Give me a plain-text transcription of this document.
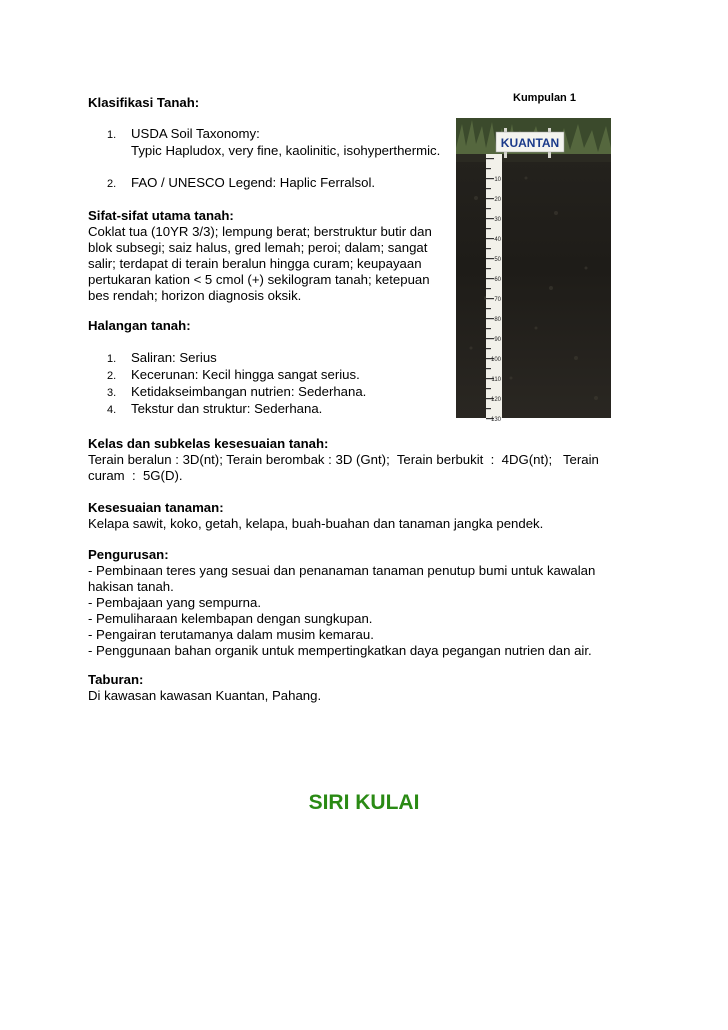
Kumpulan 1
Klasifikasi Tanah:
1. USDA Soil Taxonomy:
Typic Hapludox, very fine, kaolinitic, isohyperthermic.
2. FAO / UNESCO Legend: Haplic Ferralsol.
KUANTAN
10
20
30
40
50
60
70
80
90
100
110
120
130
Sifat-sifat utama tanah:
Coklat tua (10YR 3/3); lempung berat; berstruktur butir dan
blok subsegi; saiz halus, gred lemah; peroi; dalam; sangat
salir; terdapat di terain beralun hingga curam; keupayaan
pertukaran kation < 5 cmol (+) sekilogram tanah; ketepuan
bes rendah; horizon diagnosis oksik.
Halangan tanah:
1. Saliran: Serius
2. Kecerunan: Kecil hingga sangat serius.
3. Ketidakseimbangan nutrien: Sederhana.
4. Tekstur dan struktur: Sederhana.
Kelas dan subkelas kesesuaian tanah:
Terain beralun : 3D(nt); Terain berombak : 3D (Gnt);  Terain berbukit  :  4DG(nt);   Terain
curam  :  5G(D).
Kesesuaian tanaman:
Kelapa sawit, koko, getah, kelapa, buah-buahan dan tanaman jangka pendek.
Pengurusan:
- Pembinaan teres yang sesuai dan penanaman tanaman penutup bumi untuk kawalan
hakisan tanah.
- Pembajaan yang sempurna.
- Pemuliharaan kelembapan dengan sungkupan.
- Pengairan terutamanya dalam musim kemarau.
- Penggunaan bahan organik untuk mempertingkatkan daya pegangan nutrien dan air.
Taburan:
Di kawasan kawasan Kuantan, Pahang.
SIRI KULAI
